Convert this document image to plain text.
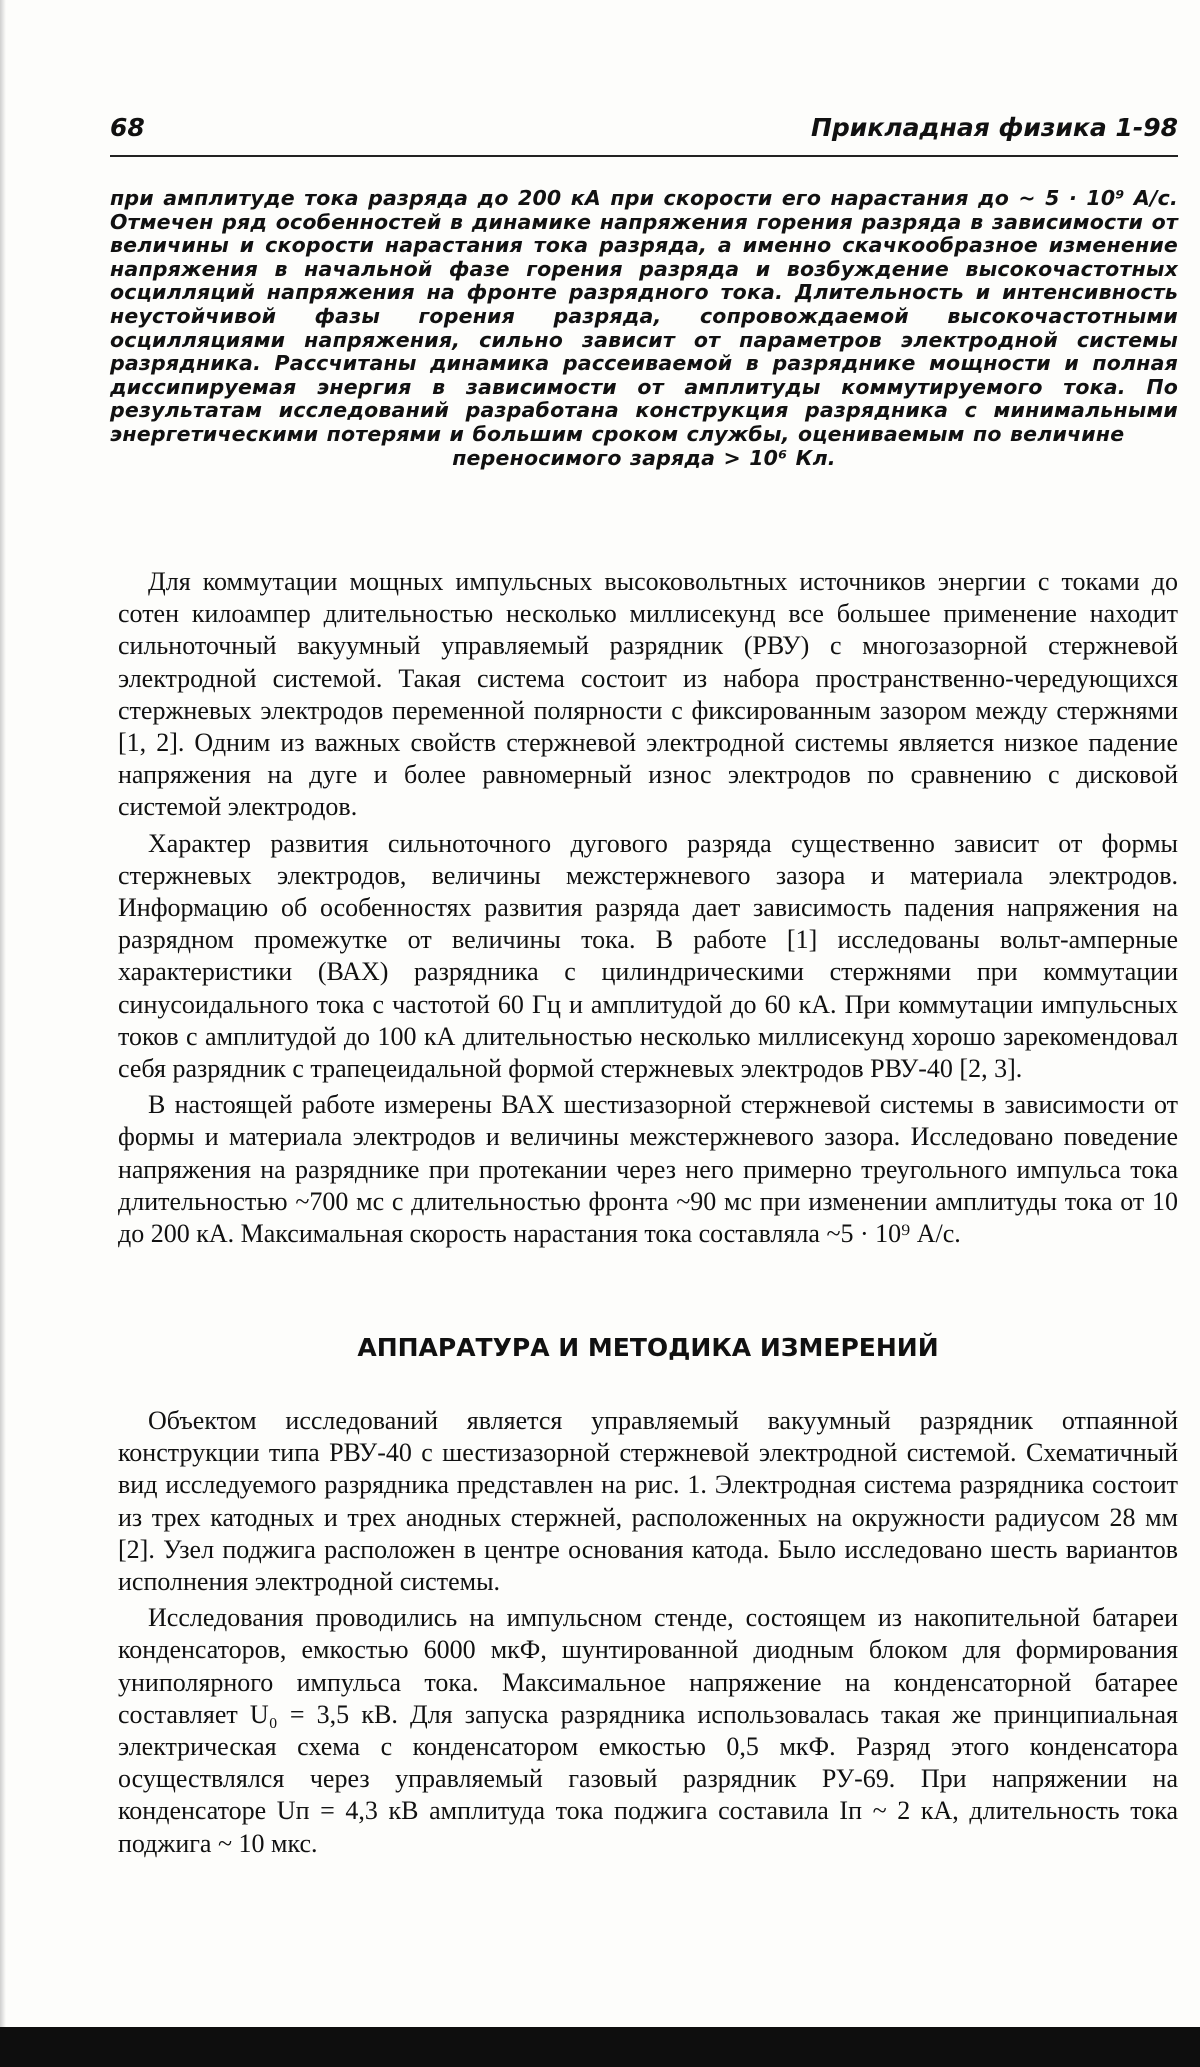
68	Прикладная физика 1-98

при амплитуде тока разряда до 200 кА при скорости его нарастания до ~ 5 · 10⁹ А/с. Отмечен ряд особенностей в динамике напряжения горения разряда в зависимости от величины и скорости нарастания тока разряда, а именно скачкообразное изменение напряжения в начальной фазе горения разряда и возбуждение высокочастотных осцилляций напряжения на фронте разрядного тока. Длительность и интенсивность неустойчивой фазы горения разряда, сопровождаемой высокочастотными осцилляциями напряжения, сильно зависит от параметров электродной системы разрядника. Рассчитаны динамика рассеиваемой в разряднике мощности и полная диссипируемая энергия в зависимости от амплитуды коммутируемого тока. По результатам исследований разработана конструкция разрядника с минимальными энергетическими потерями и большим сроком службы, оцениваемым по величине

переносимого заряда > 10⁶ Кл.

Для коммутации мощных импульсных высоковольтных источников энергии с токами до сотен килоампер длительностью несколько миллисекунд все большее применение находит сильноточный вакуумный управляемый разрядник (РВУ) с многозазорной стержневой электродной системой. Такая система состоит из набора пространственно-чередующихся стержневых электродов переменной полярности с фиксированным зазором между стержнями [1, 2]. Одним из важных свойств стержневой электродной системы является низкое падение напряжения на дуге и более равномерный износ электродов по сравнению с дисковой системой электродов.

Характер развития сильноточного дугового разряда существенно зависит от формы стержневых электродов, величины межстержневого зазора и материала электродов. Информацию об особенностях развития разряда дает зависимость падения напряжения на разрядном промежутке от величины тока. В работе [1] исследованы вольт-амперные характеристики (ВАХ) разрядника с цилиндрическими стержнями при коммутации синусоидального тока с частотой 60 Гц и амплитудой до 60 кА. При коммутации импульсных токов с амплитудой до 100 кА длительностью несколько миллисекунд хорошо зарекомендовал себя разрядник с трапецеидальной формой стержневых электродов РВУ-40 [2, 3].

В настоящей работе измерены ВАХ шестизазорной стержневой системы в зависимости от формы и материала электродов и величины межстержневого зазора. Исследовано поведение напряжения на разряднике при протекании через него примерно треугольного импульса тока длительностью ~700 мс с длительностью фронта ~90 мс при изменении амплитуды тока от 10 до 200 кА. Максимальная скорость нарастания тока составляла ~5 · 10⁹ А/с.

АППАРАТУРА И МЕТОДИКА ИЗМЕРЕНИЙ

Объектом исследований является управляемый вакуумный разрядник отпаянной конструкции типа РВУ-40 с шестизазорной стержневой электродной системой. Схематичный вид исследуемого разрядника представлен на рис. 1. Электродная система разрядника состоит из трех катодных и трех анодных стержней, расположенных на окружности радиусом 28 мм [2]. Узел поджига расположен в центре основания катода. Было исследовано шесть вариантов исполнения электродной системы.

Исследования проводились на импульсном стенде, состоящем из накопительной батареи конденсаторов, емкостью 6000 мкФ, шунтированной диодным блоком для формирования униполярного импульса тока. Максимальное напряжение на конденсаторной батарее составляет U₀ = 3,5 кВ. Для запуска разрядника использовалась такая же принципиальная электрическая схема с конденсатором емкостью 0,5 мкФ. Разряд этого конденсатора осуществлялся через управляемый газовый разрядник РУ-69. При напряжении на конденсаторе Uп = 4,3 кВ амплитуда тока поджига составила Iп ~ 2 кА, длительность тока поджига ~ 10 мкс.
